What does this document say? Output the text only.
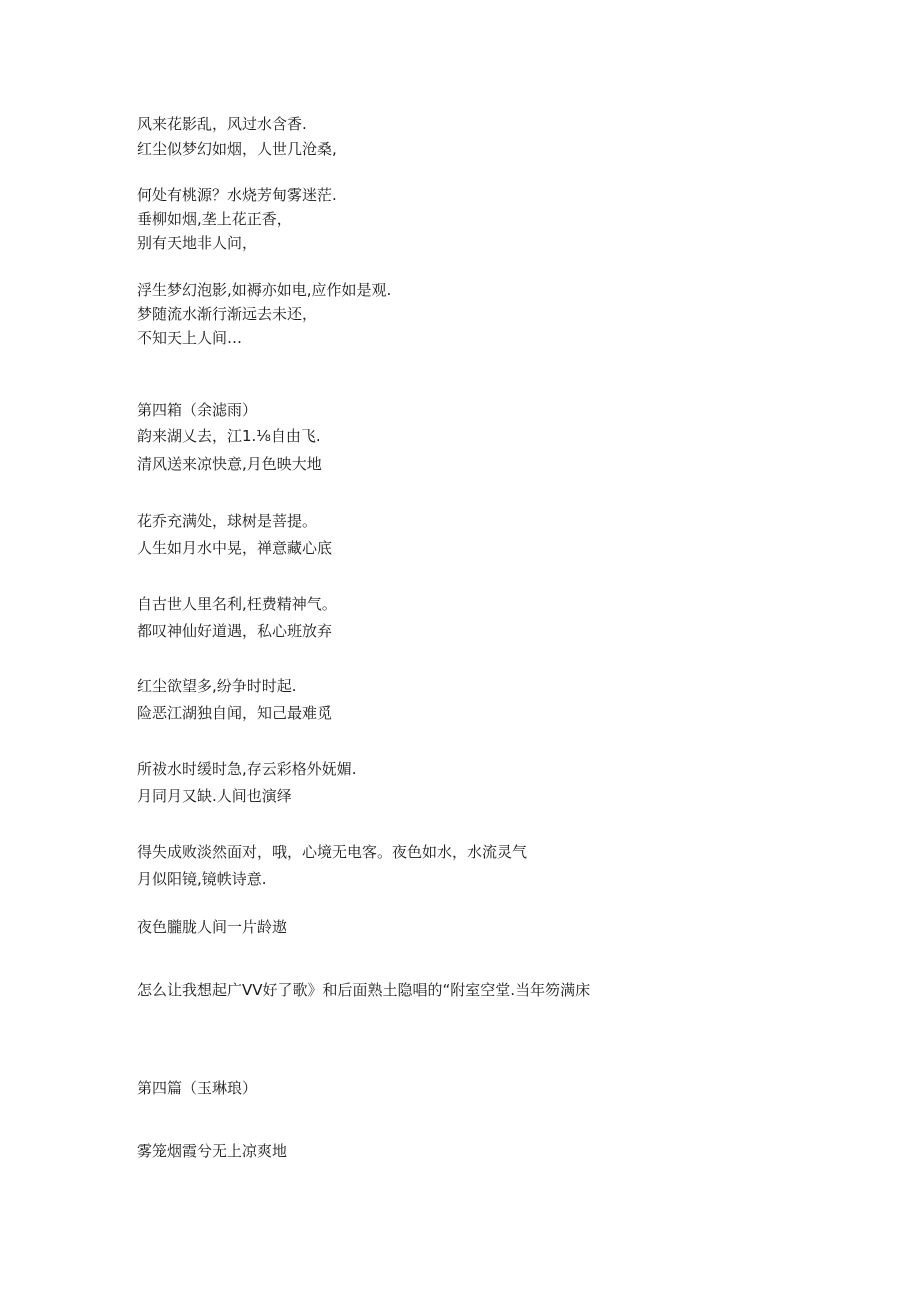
风来花影乱，风过水含香.
红尘似梦幻如烟，人世几沧桑,
何处有桃源？水烧芳甸雾迷茫.
垂柳如烟,垄上花正香，
别有天地非人问，
浮生梦幻泡影,如褥亦如电,应作如是观.
梦随流水渐行渐远去未还，
不知天上人间…
第四箱（余滤雨）
韵来湖乂去，江1.⅛自由飞.
清风送来凉快意,月色映大地
花乔充满处，球树是菩提。
人生如月水中晃，禅意藏心底
自古世人里名利,枉费精神气。
都叹神仙好道遇，私心班放弃
红尘欲望多,纷争时时起.
险恶江湖独自闻，知己最难觅
所祓水时缓时急,存云彩格外妩媚.
月同月又缺.人间也演绎
得失成败淡然面对，哦，心境无电客。夜色如水，水流灵气
月似阳镜,镜帙诗意.
夜色朧胧人间一片龄遨
怎么让我想起广VV好了歌》和后面熟土隐唱的“附室空堂.当年笏满床
第四篇（玉琳琅）
雾笼烟霞兮无上凉爽地
